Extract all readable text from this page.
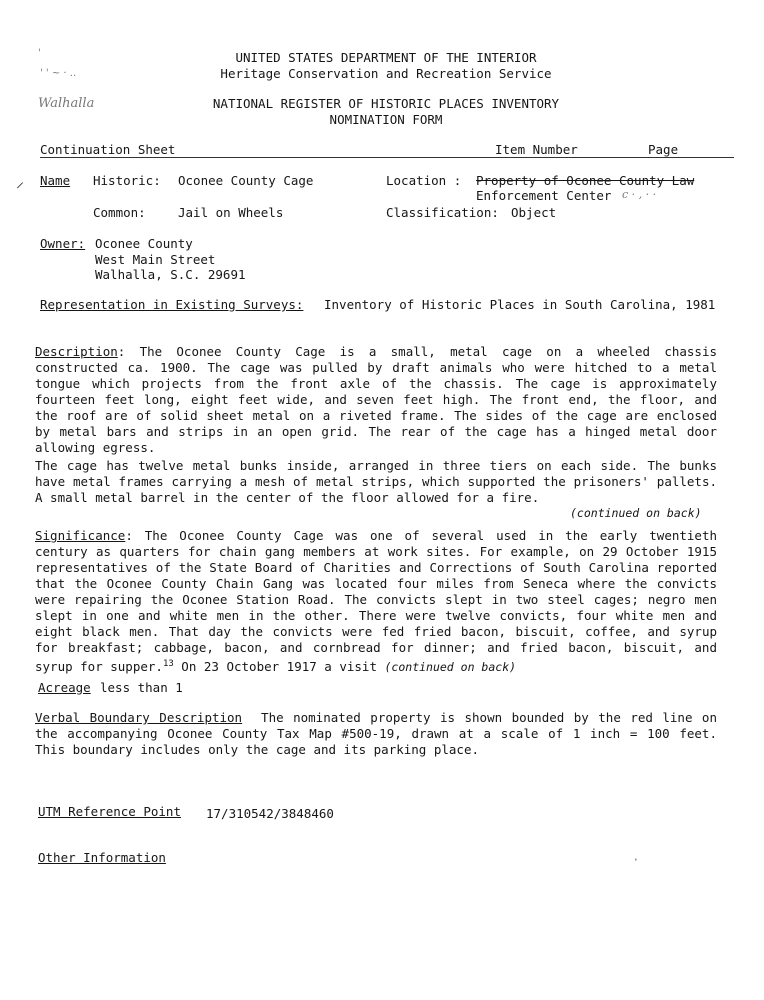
'
' ' ~ · ..
Walhalla
UNITED STATES DEPARTMENT OF THE INTERIOR
Heritage Conservation and Recreation Service
NATIONAL REGISTER OF HISTORIC PLACES INVENTORY
NOMINATION FORM
Continuation Sheet	Item Number	Page
⸝ Name Historic: Oconee County Cage	Location : Property of Oconee County Law
Enforcement Center c · , · ·
Common:	Jail on Wheels	Classification: Object
Owner: Oconee County
West Main Street
Walhalla, S.C. 29691
Representation in Existing Surveys: Inventory of Historic Places in South Carolina, 1981
Description: The Oconee County Cage is a small, metal cage on a wheeled chassis constructed ca. 1900. The cage was pulled by draft animals who were hitched to a metal tongue which projects from the front axle of the chassis. The cage is approximately fourteen feet long, eight feet wide, and seven feet high. The front end, the floor, and the roof are of solid sheet metal on a riveted frame. The sides of the cage are enclosed by metal bars and strips in an open grid. The rear of the cage has a hinged metal door allowing egress.
The cage has twelve metal bunks inside, arranged in three tiers on each side. The bunks have metal frames carrying a mesh of metal strips, which supported the prisoners' pallets. A small metal barrel in the center of the floor allowed for a fire.
(continued on back)
Significance: The Oconee County Cage was one of several used in the early twentieth century as quarters for chain gang members at work sites. For example, on 29 October 1915 representatives of the State Board of Charities and Corrections of South Carolina reported that the Oconee County Chain Gang was located four miles from Seneca where the convicts were repairing the Oconee Station Road. The convicts slept in two steel cages; negro men slept in one and white men in the other. There were twelve convicts, four white men and eight black men. That day the convicts were fed fried bacon, biscuit, coffee, and syrup for breakfast; cabbage, bacon, and cornbread for dinner; and fried bacon, biscuit, and syrup for supper.$^{13}$ On 23 October 1917 a visit (continued on back)
Acreage less than 1
Verbal Boundary Description The nominated property is shown bounded by the red line on the accompanying Oconee County Tax Map #500-19, drawn at a scale of 1 inch = 100 feet. This boundary includes only the cage and its parking place.
UTM Reference Point 17/310542/3848460
Other Information	·
